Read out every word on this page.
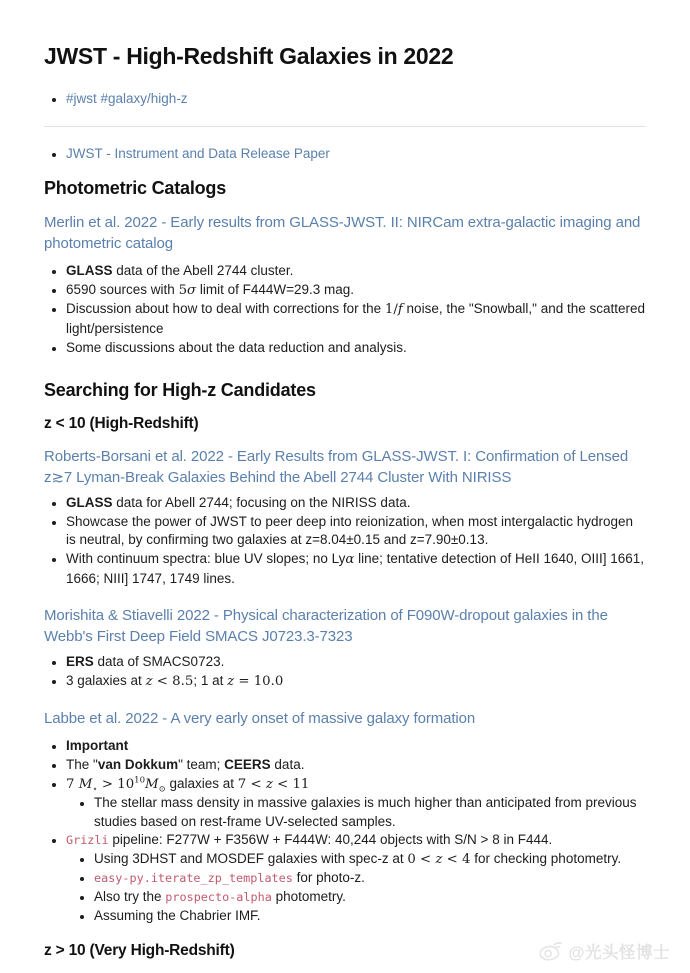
JWST - High-Redshift Galaxies in 2022
• #jwst #galaxy/high-z
• JWST - Instrument and Data Release Paper
Photometric Catalogs
Merlin et al. 2022 - Early results from GLASS-JWST. II: NIRCam extra-galactic imaging and photometric catalog
• GLASS data of the Abell 2744 cluster.
• 6590 sources with 5σ limit of F444W=29.3 mag.
• Discussion about how to deal with corrections for the 1/f noise, the "Snowball," and the scattered light/persistence
• Some discussions about the data reduction and analysis.
Searching for High-z Candidates
z < 10 (High-Redshift)
Roberts-Borsani et al. 2022 - Early Results from GLASS-JWST. I: Confirmation of Lensed z≳7 Lyman-Break Galaxies Behind the Abell 2744 Cluster With NIRISS
• GLASS data for Abell 2744; focusing on the NIRISS data.
• Showcase the power of JWST to peer deep into reionization, when most intergalactic hydrogen is neutral, by confirming two galaxies at z=8.04±0.15 and z=7.90±0.13.
• With continuum spectra: blue UV slopes; no Lyα line; tentative detection of HeII 1640, OIII] 1661, 1666; NIII] 1747, 1749 lines.
Morishita & Stiavelli 2022 - Physical characterization of F090W-dropout galaxies in the Webb's First Deep Field SMACS J0723.3-7323
• ERS data of SMACS0723.
• 3 galaxies at z < 8.5; 1 at z = 10.0
Labbe et al. 2022 - A very early onset of massive galaxy formation
• Important
• The "van Dokkum" team; CEERS data.
• 7 $M_⋆ > 10^{10}M_⊙$ galaxies at 7 < z < 11
• The stellar mass density in massive galaxies is much higher than anticipated from previous studies based on rest-frame UV-selected samples.
• Grizli pipeline: F277W + F356W + F444W: 40,244 objects with S/N > 8 in F444.
• Using 3DHST and MOSDEF galaxies with spec-z at 0 < z < 4 for checking photometry.
• easy-py.iterate_zp_templates for photo-z.
• Also try the prospecto-alpha photometry.
• Assuming the Chabrier IMF.
z > 10 (Very High-Redshift)	@光头怪博士
